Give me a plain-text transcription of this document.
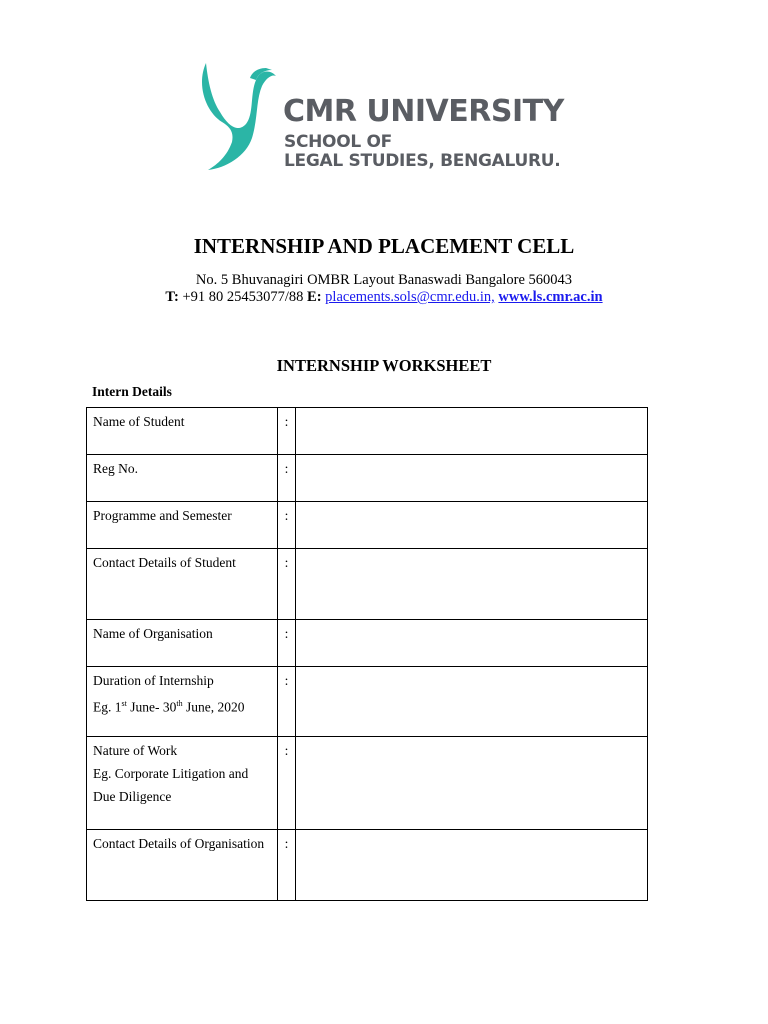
CMR UNIVERSITY
SCHOOL OF
LEGAL STUDIES, BENGALURU.
INTERNSHIP AND PLACEMENT CELL
No. 5 Bhuvanagiri OMBR Layout Banaswadi Bangalore 560043
T: +91 80 25453077/88 E: placements.sols@cmr.edu.in, www.ls.cmr.ac.in
INTERNSHIP WORKSHEET
Intern Details
Name of Student	:	
Reg No.	:	
Programme and Semester	:	
Contact Details of Student	:	
Name of Organisation	:	

Duration of Internship
Eg. 1st June- 30th June, 2020	:	

Nature of Work
Eg. Corporate Litigation and
Due Diligence	:	
Contact Details of Organisation	:	
